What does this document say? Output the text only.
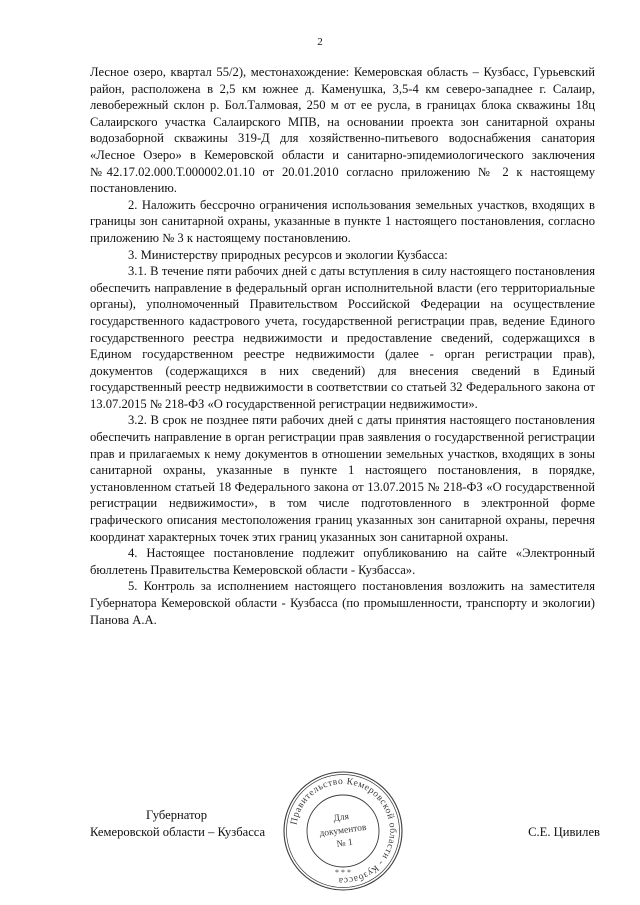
2

Лесное озеро, квартал 55/2), местонахождение: Кемеровская область – Кузбасс, Гурьевский район, расположена в 2,5 км южнее д. Каменушка, 3,5-4 км северо-западнее г. Салаир, левобережный склон р. Бол.Талмовая, 250 м от ее русла, в границах блока скважины 18ц Салаирского участка Салаирского МПВ, на основании проекта зон санитарной охраны водозаборной скважины 319-Д для хозяйственно-питьевого водоснабжения санатория «Лесное Озеро» в Кемеровской области и санитарно-эпидемиологического заключения №42.17.02.000.Т.000002.01.10 от 20.01.2010 согласно приложению № 2 к настоящему постановлению.

2. Наложить бессрочно ограничения использования земельных участков, входящих в границы зон санитарной охраны, указанные в пункте 1 настоящего постановления, согласно приложению № 3 к настоящему постановлению.

3. Министерству природных ресурсов и экологии Кузбасса:

3.1. В течение пяти рабочих дней с даты вступления в силу настоящего постановления обеспечить направление в федеральный орган исполнительной власти (его территориальные органы), уполномоченный Правительством Российской Федерации на осуществление государственного кадастрового учета, государственной регистрации прав, ведение Единого государственного реестра недвижимости и предоставление сведений, содержащихся в Едином государственном реестре недвижимости (далее - орган регистрации прав), документов (содержащихся в них сведений) для внесения сведений в Единый государственный реестр недвижимости в соответствии со статьей 32 Федерального закона от 13.07.2015 № 218-ФЗ «О государственной регистрации недвижимости».

3.2. В срок не позднее пяти рабочих дней с даты принятия настоящего постановления обеспечить направление в орган регистрации прав заявления о государственной регистрации прав и прилагаемых к нему документов в отношении земельных участков, входящих в зоны санитарной охраны, указанные в пункте 1 настоящего постановления, в порядке, установленном статьей 18 Федерального закона от 13.07.2015 № 218-ФЗ «О государственной регистрации недвижимости», в том числе подготовленного в электронной форме графического описания местоположения границ указанных зон санитарной охраны, перечня координат характерных точек этих границ указанных зон санитарной охраны.

4. Настоящее постановление подлежит опубликованию на сайте «Электронный бюллетень Правительства Кемеровской области - Кузбасса».

5. Контроль за исполнением настоящего постановления возложить на заместителя Губернатора Кемеровской области - Кузбасса (по промышленности, транспорту и экологии) Панова А.А.

Губернатор
Кемеровской области – Кузбасса	С.Е. Цивилев
Правительство Кемеровской области - Кузбасса
* * *
Для
документов
№ 1
